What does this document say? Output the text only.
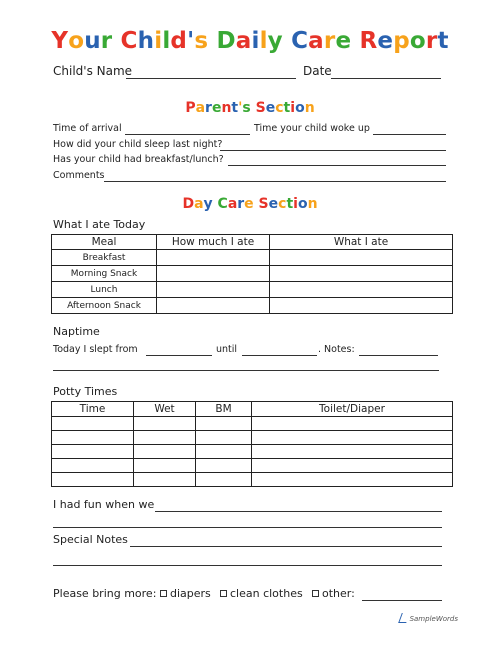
Your Child's Daily Care Report
Child's Name	Date
Parent's Section
Time of arrival	Time your child woke up
How did your child sleep last night?
Has your child had breakfast/lunch?
Comments
Day Care Section
What I ate Today
Meal	How much I ate	What I ate
Breakfast		
Morning Snack		
Lunch		
Afternoon Snack		
Naptime
Today I slept from	until	. Notes:
Potty Times
Time	Wet	BM	Toilet/Diaper

I had fun when we
Special Notes
Please bring more:	diapers	clean clothes	other:
SampleWords
